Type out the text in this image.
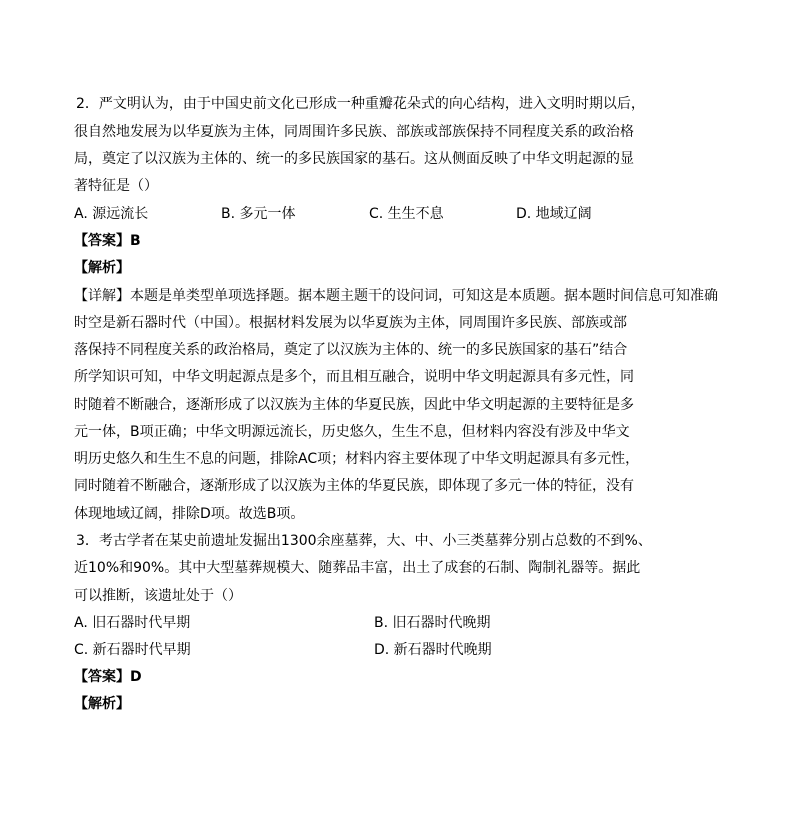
2．严文明认为，由于中国史前文化已形成一种重瓣花朵式的向心结构，进入文明时期以后，
很自然地发展为以华夏族为主体，同周围许多民族、部族或部族保持不同程度关系的政治格
局，奠定了以汉族为主体的、统一的多民族国家的基石。这从侧面反映了中华文明起源的显
著特征是（）
A. 源远流长	B. 多元一体	C. 生生不息	D. 地域辽阔
【答案】B
【解析】
【详解】本题是单类型单项选择题。据本题主题干的设问词，可知这是本质题。据本题时间信息可知准确
时空是新石器时代（中国）。根据材料发展为以华夏族为主体，同周围许多民族、部族或部
落保持不同程度关系的政治格局，奠定了以汉族为主体的、统一的多民族国家的基石”结合
所学知识可知，中华文明起源点是多个，而且相互融合，说明中华文明起源具有多元性，同
时随着不断融合，逐渐形成了以汉族为主体的华夏民族，因此中华文明起源的主要特征是多
元一体，B项正确；中华文明源远流长，历史悠久，生生不息，但材料内容没有涉及中华文
明历史悠久和生生不息的问题，排除AC项；材料内容主要体现了中华文明起源具有多元性，
同时随着不断融合，逐渐形成了以汉族为主体的华夏民族，即体现了多元一体的特征，没有
体现地域辽阔，排除D项。故选B项。
3．考古学者在某史前遗址发掘出1300余座墓葬，大、中、小三类墓葬分别占总数的不到%、
近10%和90%。其中大型墓葬规模大、随葬品丰富，出土了成套的石制、陶制礼器等。据此
可以推断，该遗址处于（）
A. 旧石器时代早期	B. 旧石器时代晚期
C. 新石器时代早期	D. 新石器时代晚期
【答案】D
【解析】
